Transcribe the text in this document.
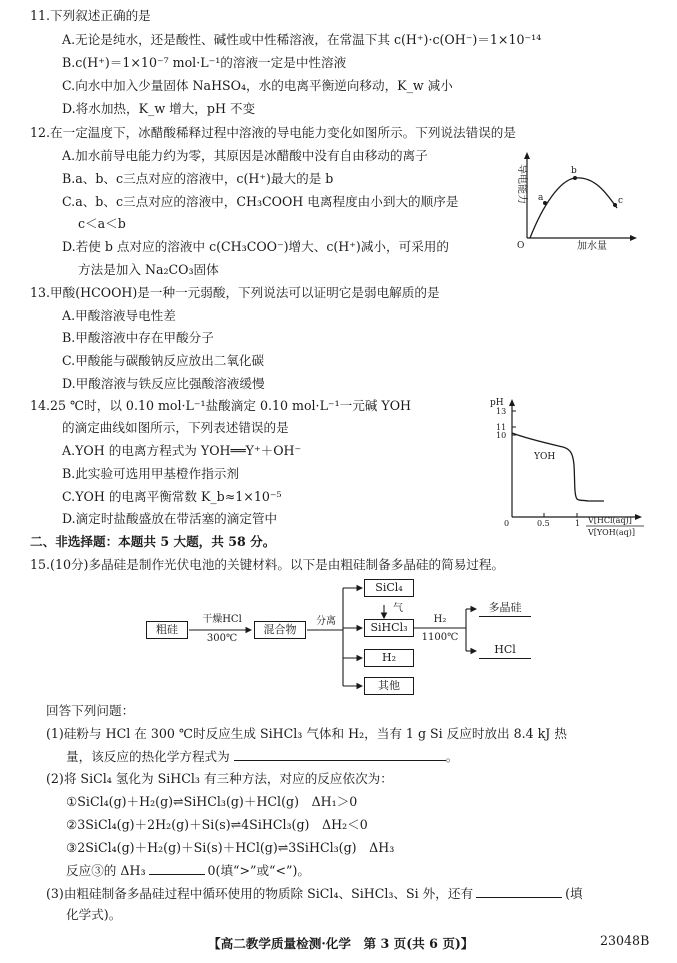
11.下列叙述正确的是
A.无论是纯水，还是酸性、碱性或中性稀溶液，在常温下其 c(H⁺)·c(OH⁻)＝1×10⁻¹⁴
B.c(H⁺)＝1×10⁻⁷ mol·L⁻¹的溶液一定是中性溶液
C.向水中加入少量固体 NaHSO₄，水的电离平衡逆向移动，K_w 减小
D.将水加热，K_w 增大，pH 不变
12.在一定温度下，冰醋酸稀释过程中溶液的导电能力变化如图所示。下列说法错误的是
A.加水前导电能力约为零，其原因是冰醋酸中没有自由移动的离子
B.a、b、c三点对应的溶液中，c(H⁺)最大的是 b
C.a、b、c三点对应的溶液中，CH₃COOH 电离程度由小到大的顺序是
c＜a＜b
D.若使 b 点对应的溶液中 c(CH₃COO⁻)增大、c(H⁺)减小，可采用的
方法是加入 Na₂CO₃固体
a
b
c
O	加水量
导电能力
13.甲酸(HCOOH)是一种一元弱酸，下列说法可以证明它是弱电解质的是
A.甲酸溶液导电性差
B.甲酸溶液中存在甲酸分子
C.甲酸能与碳酸钠反应放出二氧化碳
D.甲酸溶液与铁反应比强酸溶液缓慢
14.25 ℃时，以 0.10 mol·L⁻¹盐酸滴定 0.10 mol·L⁻¹一元碱 YOH
的滴定曲线如图所示，下列表述错误的是
A.YOH 的电离方程式为 YOH══Y⁺＋OH⁻
B.此实验可选用甲基橙作指示剂
C.YOH 的电离平衡常数 K_b≈1×10⁻⁵
D.滴定时盐酸盛放在带活塞的滴定管中
pH
13
11
10
YOH
0	0.5	1 V[HCl(aq)]
V[YOH(aq)]
二、非选择题：本题共 5 大题，共 58 分。
15.(10分)多晶硅是制作光伏电池的关键材料。以下是由粗硅制备多晶硅的简易过程。
粗硅
干燥HCl
300℃
混合物
分离
SiCl₄
气
SiHCl₃
H₂
其他
H₂
1100℃
多晶硅
HCl
回答下列问题：
(1)硅粉与 HCl 在 300 ℃时反应生成 SiHCl₃ 气体和 H₂，当有 1 g Si 反应时放出 8.4 kJ 热
量，该反应的热化学方程式为	。
(2)将 SiCl₄ 氢化为 SiHCl₃ 有三种方法，对应的反应依次为：
①SiCl₄(g)＋H₂(g)⇌SiHCl₃(g)＋HCl(g)　ΔH₁＞0
②3SiCl₄(g)＋2H₂(g)＋Si(s)⇌4SiHCl₃(g)　ΔH₂＜0
③2SiCl₄(g)＋H₂(g)＋Si(s)＋HCl(g)⇌3SiHCl₃(g)　ΔH₃
反应③的 ΔH₃	0(填“>”或“<”)。
(3)由粗硅制备多晶硅过程中循环使用的物质除 SiCl₄、SiHCl₃、Si 外，还有	(填
化学式)。
【高二教学质量检测·化学　第 3 页(共 6 页)】	23048B
